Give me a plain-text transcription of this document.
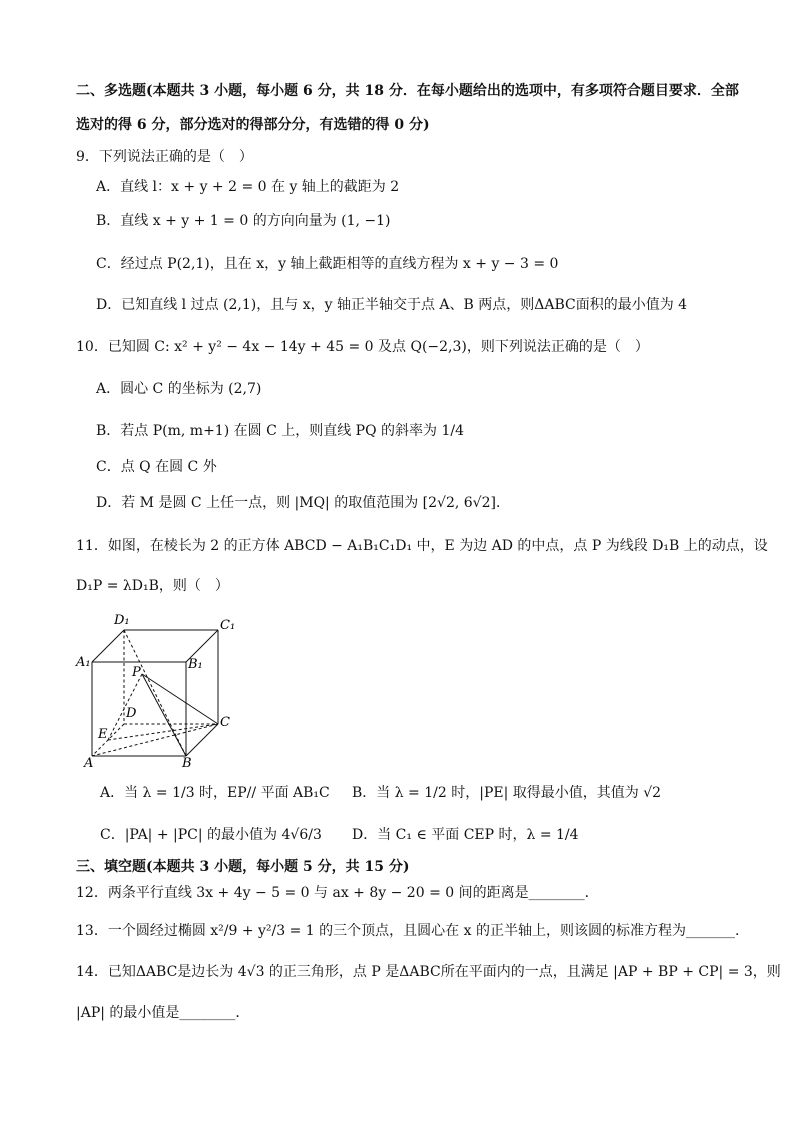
二、多选题(本题共 3 小题，每小题 6 分，共 18 分．在每小题给出的选项中，有多项符合题目要求．全部
选对的得 6 分，部分选对的得部分分，有选错的得 0 分)
9．下列说法正确的是（　）
A．直线 l：x + y + 2 = 0 在 y 轴上的截距为 2
B．直线 x + y + 1 = 0 的方向向量为 (1, −1)
C．经过点 P(2,1)，且在 x，y 轴上截距相等的直线方程为 x + y − 3 = 0
D．已知直线 l 过点 (2,1)，且与 x，y 轴正半轴交于点 A、B 两点，则ΔABC面积的最小值为 4
10．已知圆 C: x² + y² − 4x − 14y + 45 = 0 及点 Q(−2,3)，则下列说法正确的是（　）
A．圆心 C 的坐标为 (2,7)
B．若点 P(m, m+1) 在圆 C 上，则直线 PQ 的斜率为 1/4
C．点 Q 在圆 C 外
D．若 M 是圆 C 上任一点，则 |MQ| 的取值范围为 [2√2, 6√2]．
11．如图，在棱长为 2 的正方体 ABCD − A₁B₁C₁D₁ 中，E 为边 AD 的中点，点 P 为线段 D₁B 上的动点，设
D₁P = λD₁B，则（　）
D₁	C₁
A₁	B₁
P
D
C
E
A	B
A．当 λ = 1/3 时，EP// 平面 AB₁C B．当 λ = 1/2 时，|PE| 取得最小值，其值为 √2
C．|PA| + |PC| 的最小值为 4√6/3 D．当 C₁ ∈ 平面 CEP 时，λ = 1/4
三、填空题(本题共 3 小题，每小题 5 分，共 15 分)
12．两条平行直线 3x + 4y − 5 = 0 与 ax + 8y − 20 = 0 间的距离是________．
13．一个圆经过椭圆 x²/9 + y²/3 = 1 的三个顶点，且圆心在 x 的正半轴上，则该圆的标准方程为_______.
14．已知ΔABC是边长为 4√3 的正三角形，点 P 是ΔABC所在平面内的一点，且满足 |AP + BP + CP| = 3，则
|AP| 的最小值是________．
